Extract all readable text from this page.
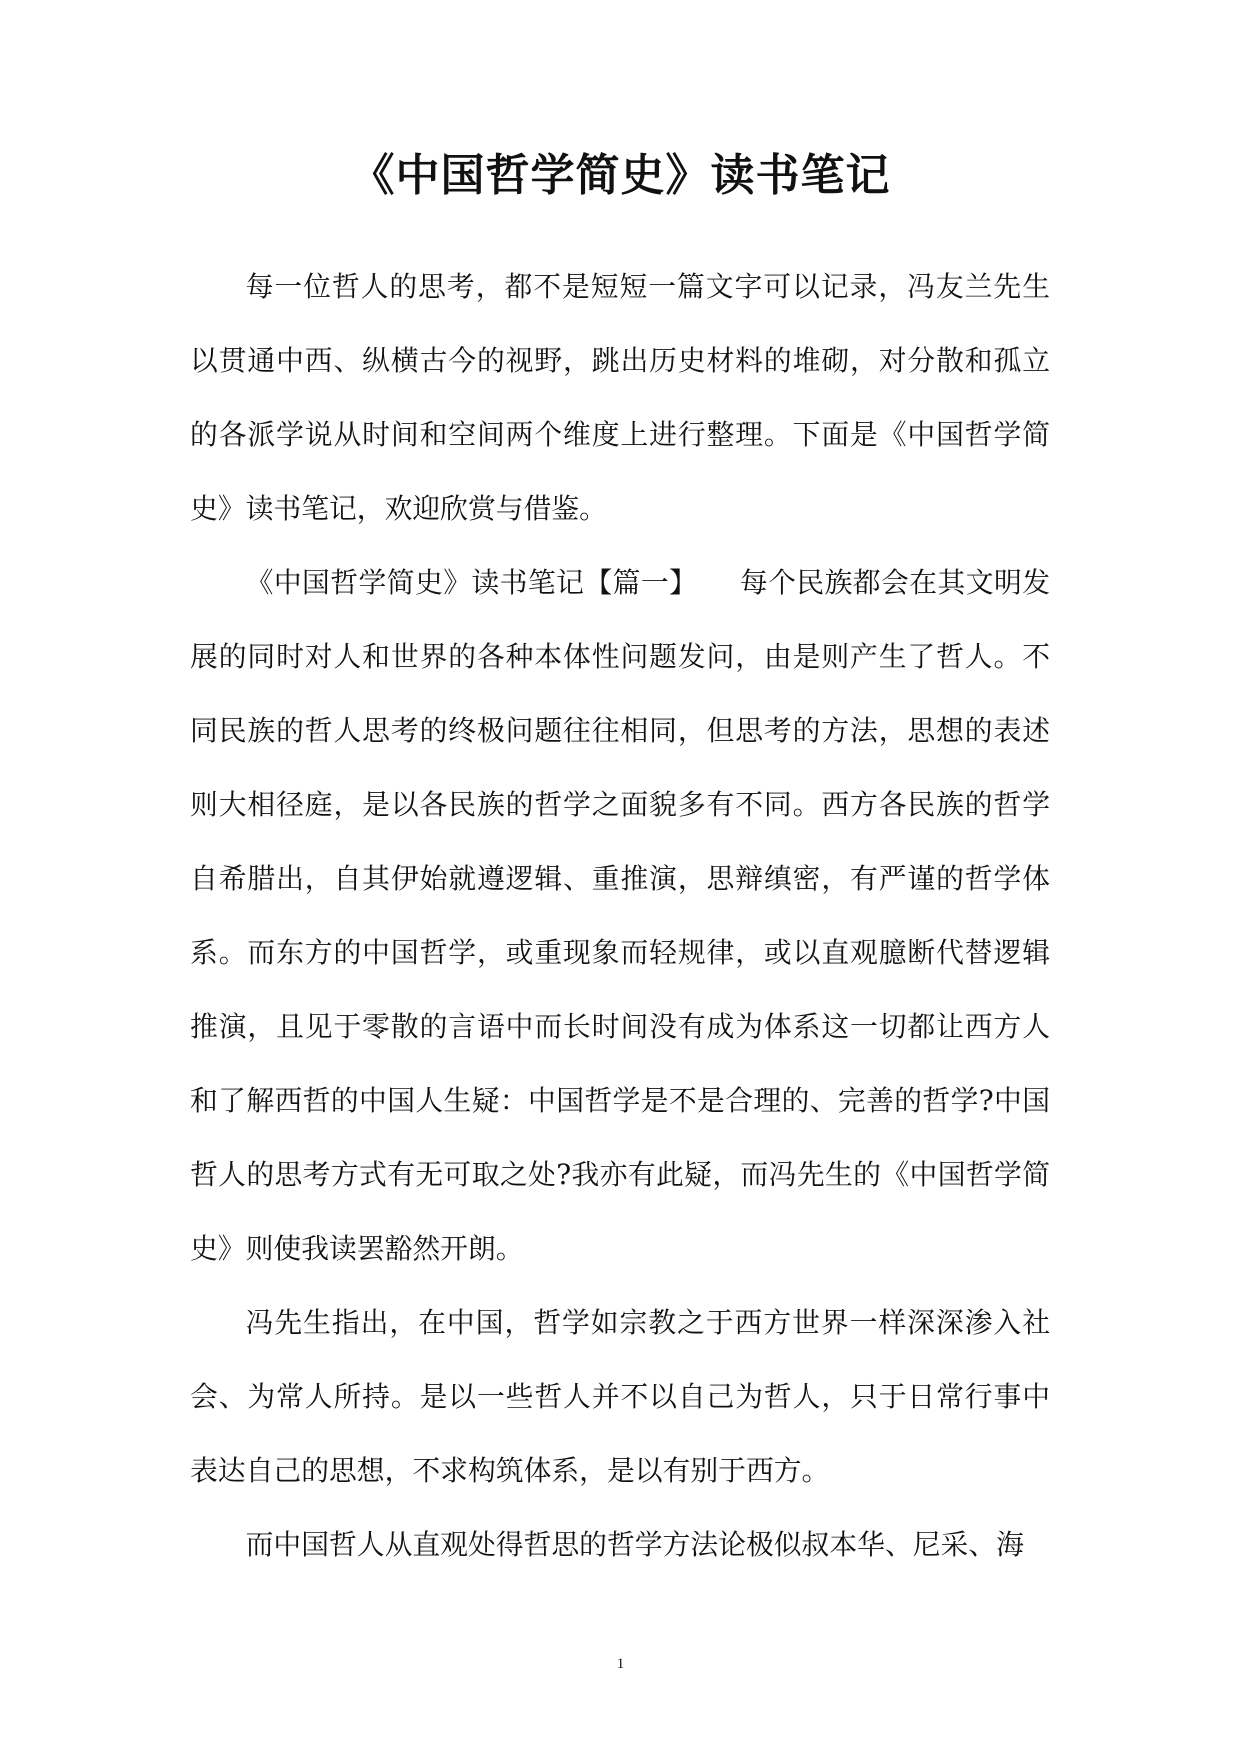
《中国哲学简史》读书笔记

每一位哲人的思考，都不是短短一篇文字可以记录，冯友兰先生以贯通中西、纵横古今的视野，跳出历史材料的堆砌，对分散和孤立的各派学说从时间和空间两个维度上进行整理。下面是《中国哲学简史》读书笔记，欢迎欣赏与借鉴。

《中国哲学简史》读书笔记【篇一】　　每个民族都会在其文明发展的同时对人和世界的各种本体性问题发问，由是则产生了哲人。不同民族的哲人思考的终极问题往往相同，但思考的方法，思想的表述则大相径庭，是以各民族的哲学之面貌多有不同。西方各民族的哲学自希腊出，自其伊始就遵逻辑、重推演，思辩缜密，有严谨的哲学体系。而东方的中国哲学，或重现象而轻规律，或以直观臆断代替逻辑推演，且见于零散的言语中而长时间没有成为体系这一切都让西方人和了解西哲的中国人生疑：中国哲学是不是合理的、完善的哲学?中国哲人的思考方式有无可取之处?我亦有此疑，而冯先生的《中国哲学简史》则使我读罢豁然开朗。

冯先生指出，在中国，哲学如宗教之于西方世界一样深深渗入社会、为常人所持。是以一些哲人并不以自己为哲人，只于日常行事中表达自己的思想，不求构筑体系，是以有别于西方。

而中国哲人从直观处得哲思的哲学方法论极似叔本华、尼采、海

1
